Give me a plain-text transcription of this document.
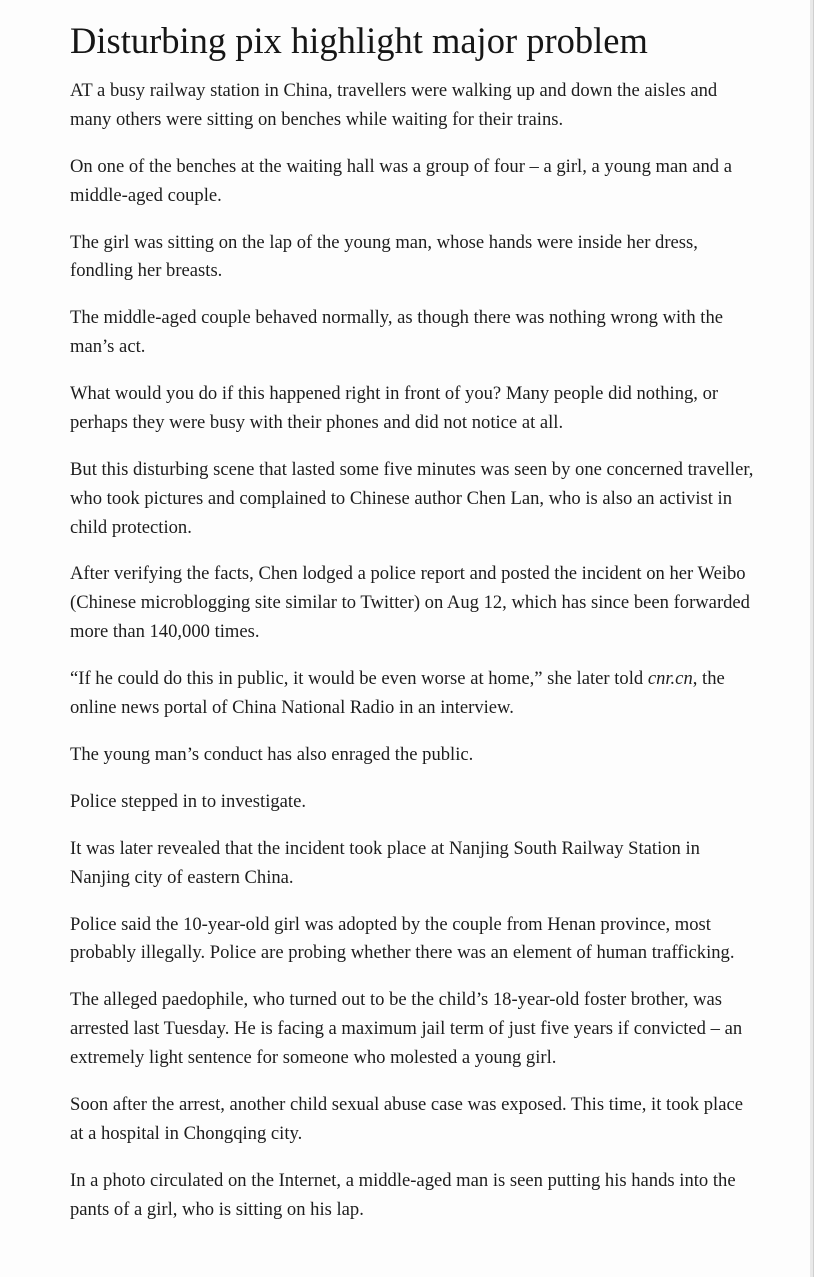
Disturbing pix highlight major problem

AT a busy railway station in China, travellers were walking up and down the aisles and many others were sitting on benches while waiting for their trains.

On one of the benches at the waiting hall was a group of four – a girl, a young man and a middle-aged couple.

The girl was sitting on the lap of the young man, whose hands were inside her dress, fondling her breasts.

The middle-aged couple behaved normally, as though there was nothing wrong with the man’s act.

What would you do if this happened right in front of you? Many people did nothing, or perhaps they were busy with their phones and did not notice at all.

But this disturbing scene that lasted some five minutes was seen by one concerned traveller, who took pictures and complained to Chinese author Chen Lan, who is also an activist in child protection.

After verifying the facts, Chen lodged a police report and posted the incident on her Weibo (Chinese microblogging site similar to Twitter) on Aug 12, which has since been forwarded more than 140,000 times.

“If he could do this in public, it would be even worse at home,” she later told cnr.cn, the online news portal of China National Radio in an interview.

The young man’s conduct has also enraged the public.

Police stepped in to investigate.

It was later revealed that the incident took place at Nanjing South Railway Station in Nanjing city of eastern China.

Police said the 10-year-old girl was adopted by the couple from Henan province, most probably illegally. Police are probing whether there was an element of human trafficking.

The alleged paedophile, who turned out to be the child’s 18-year-old foster brother, was arrested last Tuesday. He is facing a maximum jail term of just five years if convicted – an extremely light sentence for someone who molested a young girl.

Soon after the arrest, another child sexual abuse case was exposed. This time, it took place at a hospital in Chongqing city.

In a photo circulated on the Internet, a middle-aged man is seen putting his hands into the pants of a girl, who is sitting on his lap.
